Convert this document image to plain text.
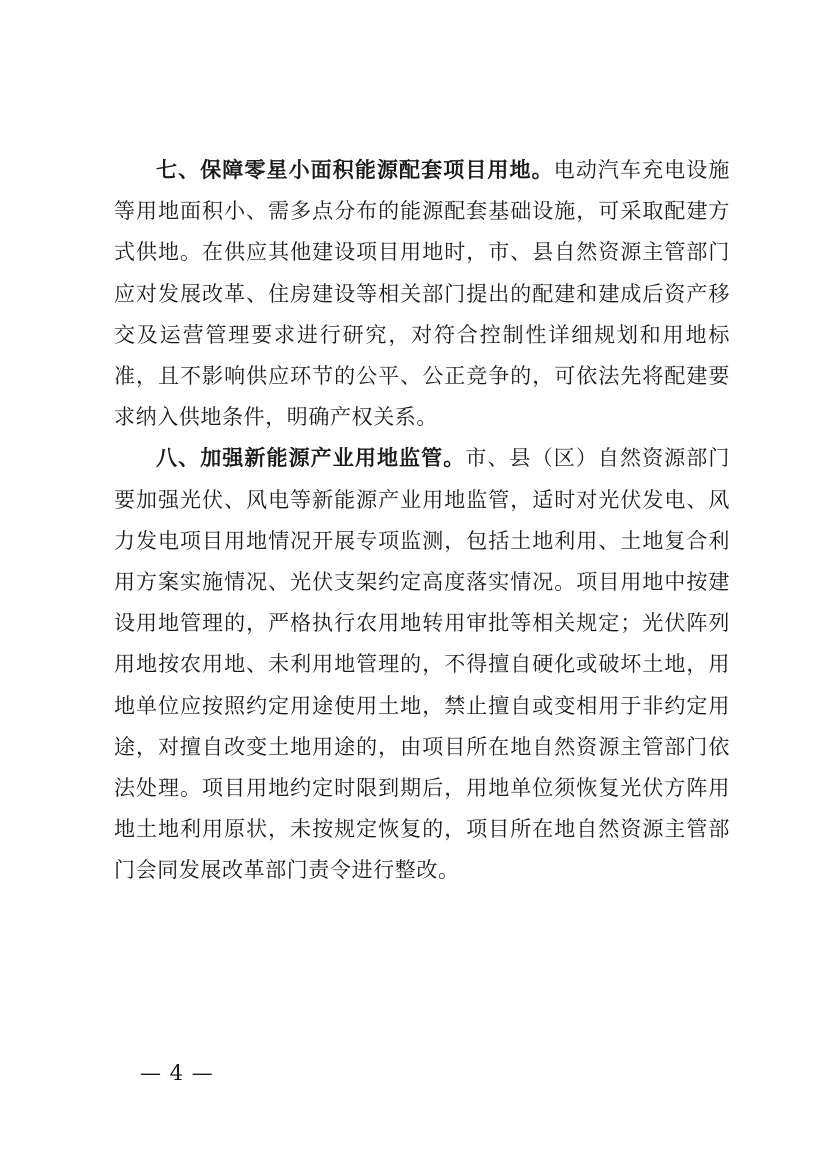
七、保障零星小面积能源配套项目用地。电动汽车充电设施等用地面积小、需多点分布的能源配套基础设施，可采取配建方式供地。在供应其他建设项目用地时，市、县自然资源主管部门应对发展改革、住房建设等相关部门提出的配建和建成后资产移交及运营管理要求进行研究，对符合控制性详细规划和用地标准，且不影响供应环节的公平、公正竞争的，可依法先将配建要求纳入供地条件，明确产权关系。

八、加强新能源产业用地监管。市、县（区）自然资源部门要加强光伏、风电等新能源产业用地监管，适时对光伏发电、风力发电项目用地情况开展专项监测，包括土地利用、土地复合利用方案实施情况、光伏支架约定高度落实情况。项目用地中按建设用地管理的，严格执行农用地转用审批等相关规定；光伏阵列用地按农用地、未利用地管理的，不得擅自硬化或破坏土地，用地单位应按照约定用途使用土地，禁止擅自或变相用于非约定用途，对擅自改变土地用途的，由项目所在地自然资源主管部门依法处理。项目用地约定时限到期后，用地单位须恢复光伏方阵用地土地利用原状，未按规定恢复的，项目所在地自然资源主管部门会同发展改革部门责令进行整改。

— 4 —
